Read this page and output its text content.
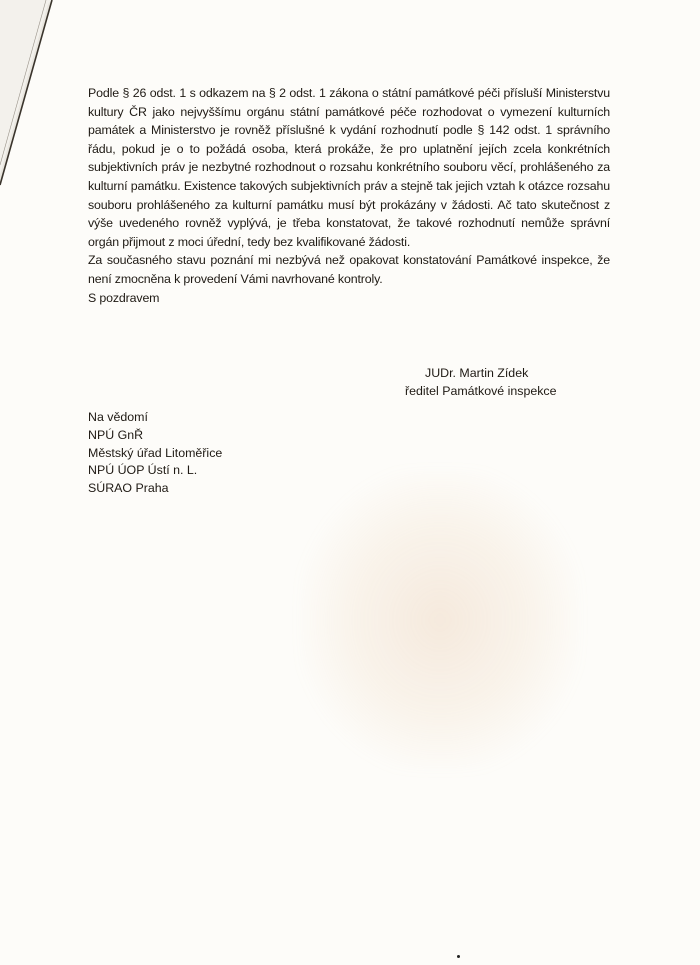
Podle § 26 odst. 1 s odkazem na § 2 odst. 1 zákona o státní památkové péči přísluší Ministerstvu kultury ČR jako nejvyššímu orgánu státní památkové péče rozhodovat o vymezení kulturních památek a Ministerstvo je rovněž příslušné k vydání rozhodnutí podle § 142 odst. 1 správního řádu, pokud je o to požádá osoba, která prokáže, že pro uplatnění jejích zcela konkrétních subjektivních práv je nezbytné rozhodnout o rozsahu konkrétního souboru věcí, prohlášeného za kulturní památku. Existence takových subjektivních práv a stejně tak jejich vztah k otázce rozsahu souboru prohlášeného za kulturní památku musí být prokázány v žádosti. Ač tato skutečnost z výše uvedeného rovněž vyplývá, je třeba konstatovat, že takové rozhodnutí nemůže správní orgán přijmout z moci úřední, tedy bez kvalifikované žádosti.

Za současného stavu poznání mi nezbývá než opakovat konstatování Památkové inspekce, že není zmocněna k provedení Vámi navrhované kontroly.

S pozdravem

JUDr. Martin Zídek
ředitel Památkové inspekce
Na vědomí
NPÚ GnŘ
Městský úřad Litoměřice
NPÚ ÚOP Ústí n. L.
SÚRAO Praha
